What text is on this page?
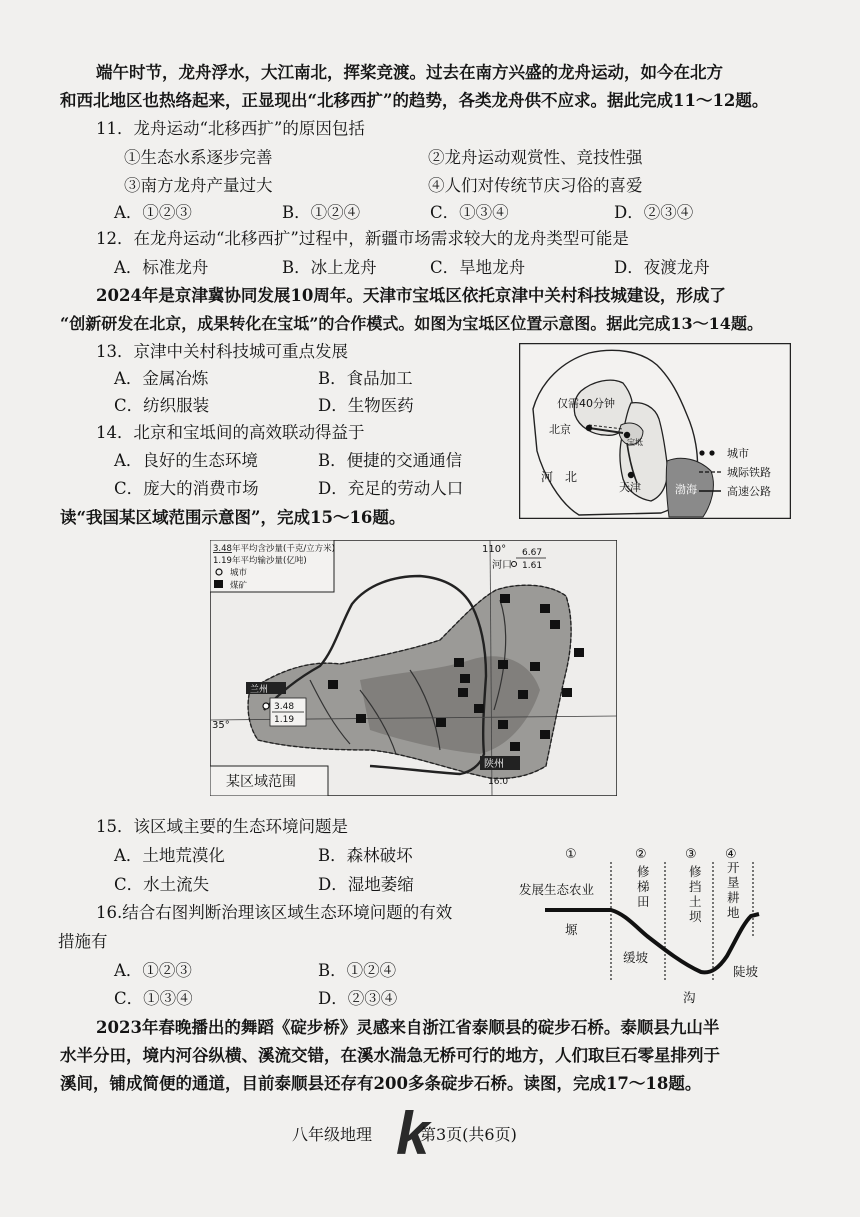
端午时节，龙舟浮水，大江南北，挥桨竞渡。过去在南方兴盛的龙舟运动，如今在北方
和西北地区也热络起来，正显现出“北移西扩”的趋势，各类龙舟供不应求。据此完成11～12题。
11．龙舟运动“北移西扩”的原因包括
①生态水系逐步完善	②龙舟运动观赏性、竞技性强
③南方龙舟产量过大	④人们对传统节庆习俗的喜爱
A．①②③	B．①②④	C．①③④	D．②③④
12．在龙舟运动“北移西扩”过程中，新疆市场需求较大的龙舟类型可能是
A．标准龙舟	B．冰上龙舟	C．旱地龙舟	D．夜渡龙舟
2024年是京津冀协同发展10周年。天津市宝坻区依托京津中关村科技城建设，形成了
“创新研发在北京，成果转化在宝坻”的合作模式。如图为宝坻区位置示意图。据此完成13～14题。
13．京津中关村科技城可重点发展
A．金属冶炼	B．食品加工
C．纺织服装	D．生物医药
14．北京和宝坻间的高效联动得益于
A．良好的生态环境	B．便捷的交通通信
C．庞大的消费市场	D．充足的劳动人口
仅需40分钟
北京
宝坻
天津
河　北
渤海
城市
城际铁路
高速公路
读“我国某区域范围示意图”，完成15～16题。
3.48 年平均含沙量(千克/立方米)
1.19 年平均输沙量(亿吨)
城市
煤矿
110°
河口
6.67
1.61
兰州
3.48
1.19
35°
陕州
16.0
某区域范围
15．该区域主要的生态环境问题是
A．土地荒漠化	B．森林破坏
C．水土流失	D．湿地萎缩
16.结合右图判断治理该区域生态环境问题的有效
措施有
A．①②③	B．①②④
C．①③④	D．②③④
①	②	③ ④
发展生态农业
塬
修梯田
修挡土坝
开垦耕地
缓坡
陡坡
沟
2023年春晚播出的舞蹈《碇步桥》灵感来自浙江省泰顺县的碇步石桥。泰顺县九山半
水半分田，境内河谷纵横、溪流交错，在溪水湍急无桥可行的地方，人们取巨石零星排列于
溪间，铺成简便的通道，目前泰顺县还存有200多条碇步石桥。读图，完成17～18题。
八年级地理 k
第3页(共6页)
